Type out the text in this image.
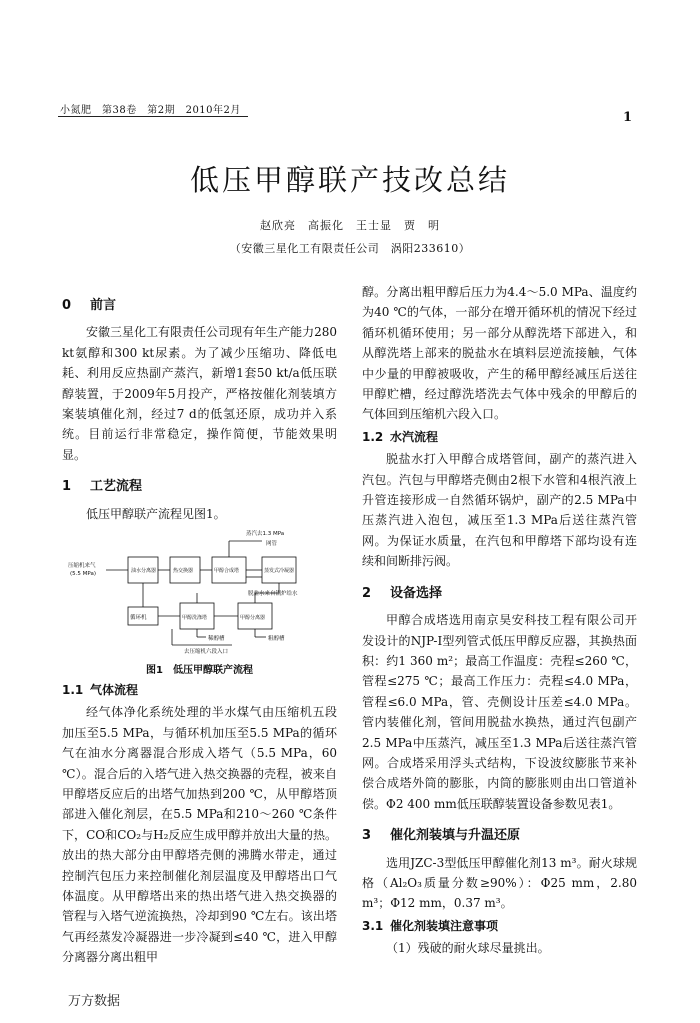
小氮肥　第38卷　第2期　2010年2月	1
低压甲醇联产技改总结
赵欣亮　高振化　王士显　贾　明
（安徽三星化工有限责任公司　涡阳233610）
0 前言

安徽三星化工有限责任公司现有年生产能力280 kt氨醇和300 kt尿素。为了减少压缩功、降低电耗、利用反应热副产蒸汽，新增1套50 kt/a低压联醇装置，于2009年5月投产，严格按催化剂装填方案装填催化剂，经过7 d的低氢还原，成功并入系统。目前运行非常稳定，操作简便，节能效果明显。

1 工艺流程

低压甲醇联产流程见图1。

压缩机来气
(5.5 MPa)	油水分离器	热交换器	甲醇合成塔	蒸发式冷凝器
蒸汽去1.3 MPa
网管
脱盐水来自锅炉给水
循环机	甲醇洗涤塔	甲醇分离器
稀醇槽	粗醇槽
去压缩机六段入口
图1　低压甲醇联产流程
1.1 气体流程

经气体净化系统处理的半水煤气由压缩机五段加压至5.5 MPa，与循环机加压至5.5 MPa的循环气在油水分离器混合形成入塔气（5.5 MPa，60 ℃）。混合后的入塔气进入热交换器的壳程，被来自甲醇塔反应后的出塔气加热到200 ℃，从甲醇塔顶部进入催化剂层，在5.5 MPa和210～260 ℃条件下，CO和CO₂与H₂反应生成甲醇并放出大量的热。放出的热大部分由甲醇塔壳侧的沸腾水带走，通过控制汽包压力来控制催化剂层温度及甲醇塔出口气体温度。从甲醇塔出来的热出塔气进入热交换器的管程与入塔气逆流换热，冷却到90 ℃左右。该出塔气再经蒸发冷凝器进一步冷凝到≤40 ℃，进入甲醇分离器分离出粗甲

醇。分离出粗甲醇后压力为4.4～5.0 MPa、温度约为40 ℃的气体，一部分在增开循环机的情况下经过循环机循环使用；另一部分从醇洗塔下部进入，和从醇洗塔上部来的脱盐水在填料层逆流接触，气体中少量的甲醇被吸收，产生的稀甲醇经减压后送往甲醇贮槽，经过醇洗塔洗去气体中残余的甲醇后的气体回到压缩机六段入口。

1.2 水汽流程

脱盐水打入甲醇合成塔管间，副产的蒸汽进入汽包。汽包与甲醇塔壳侧由2根下水管和4根汽液上升管连接形成一自然循环锅炉，副产的2.5 MPa中压蒸汽进入泡包，减压至1.3 MPa后送往蒸汽管网。为保证水质量，在汽包和甲醇塔下部均设有连续和间断排污阀。

2 设备选择

甲醇合成塔选用南京昊安科技工程有限公司开发设计的NJP-I型列管式低压甲醇反应器，其换热面积：约1 360 m²；最高工作温度：壳程≤260 ℃，管程≤275 ℃；最高工作压力：壳程≤4.0 MPa，管程≤6.0 MPa，管、壳侧设计压差≤4.0 MPa。管内装催化剂，管间用脱盐水换热，通过汽包副产2.5 MPa中压蒸汽，减压至1.3 MPa后送往蒸汽管网。合成塔采用浮头式结构，下设波纹膨胀节来补偿合成塔外筒的膨胀，内筒的膨胀则由出口管道补偿。Φ2 400 mm低压联醇装置设备参数见表1。

3 催化剂装填与升温还原

选用JZC-3型低压甲醇催化剂13 m³。耐火球规格（Al₂O₃质量分数≥90%）：Φ25 mm，2.80 m³；Φ12 mm，0.37 m³。

3.1 催化剂装填注意事项

（1）残破的耐火球尽量挑出。

万方数据
